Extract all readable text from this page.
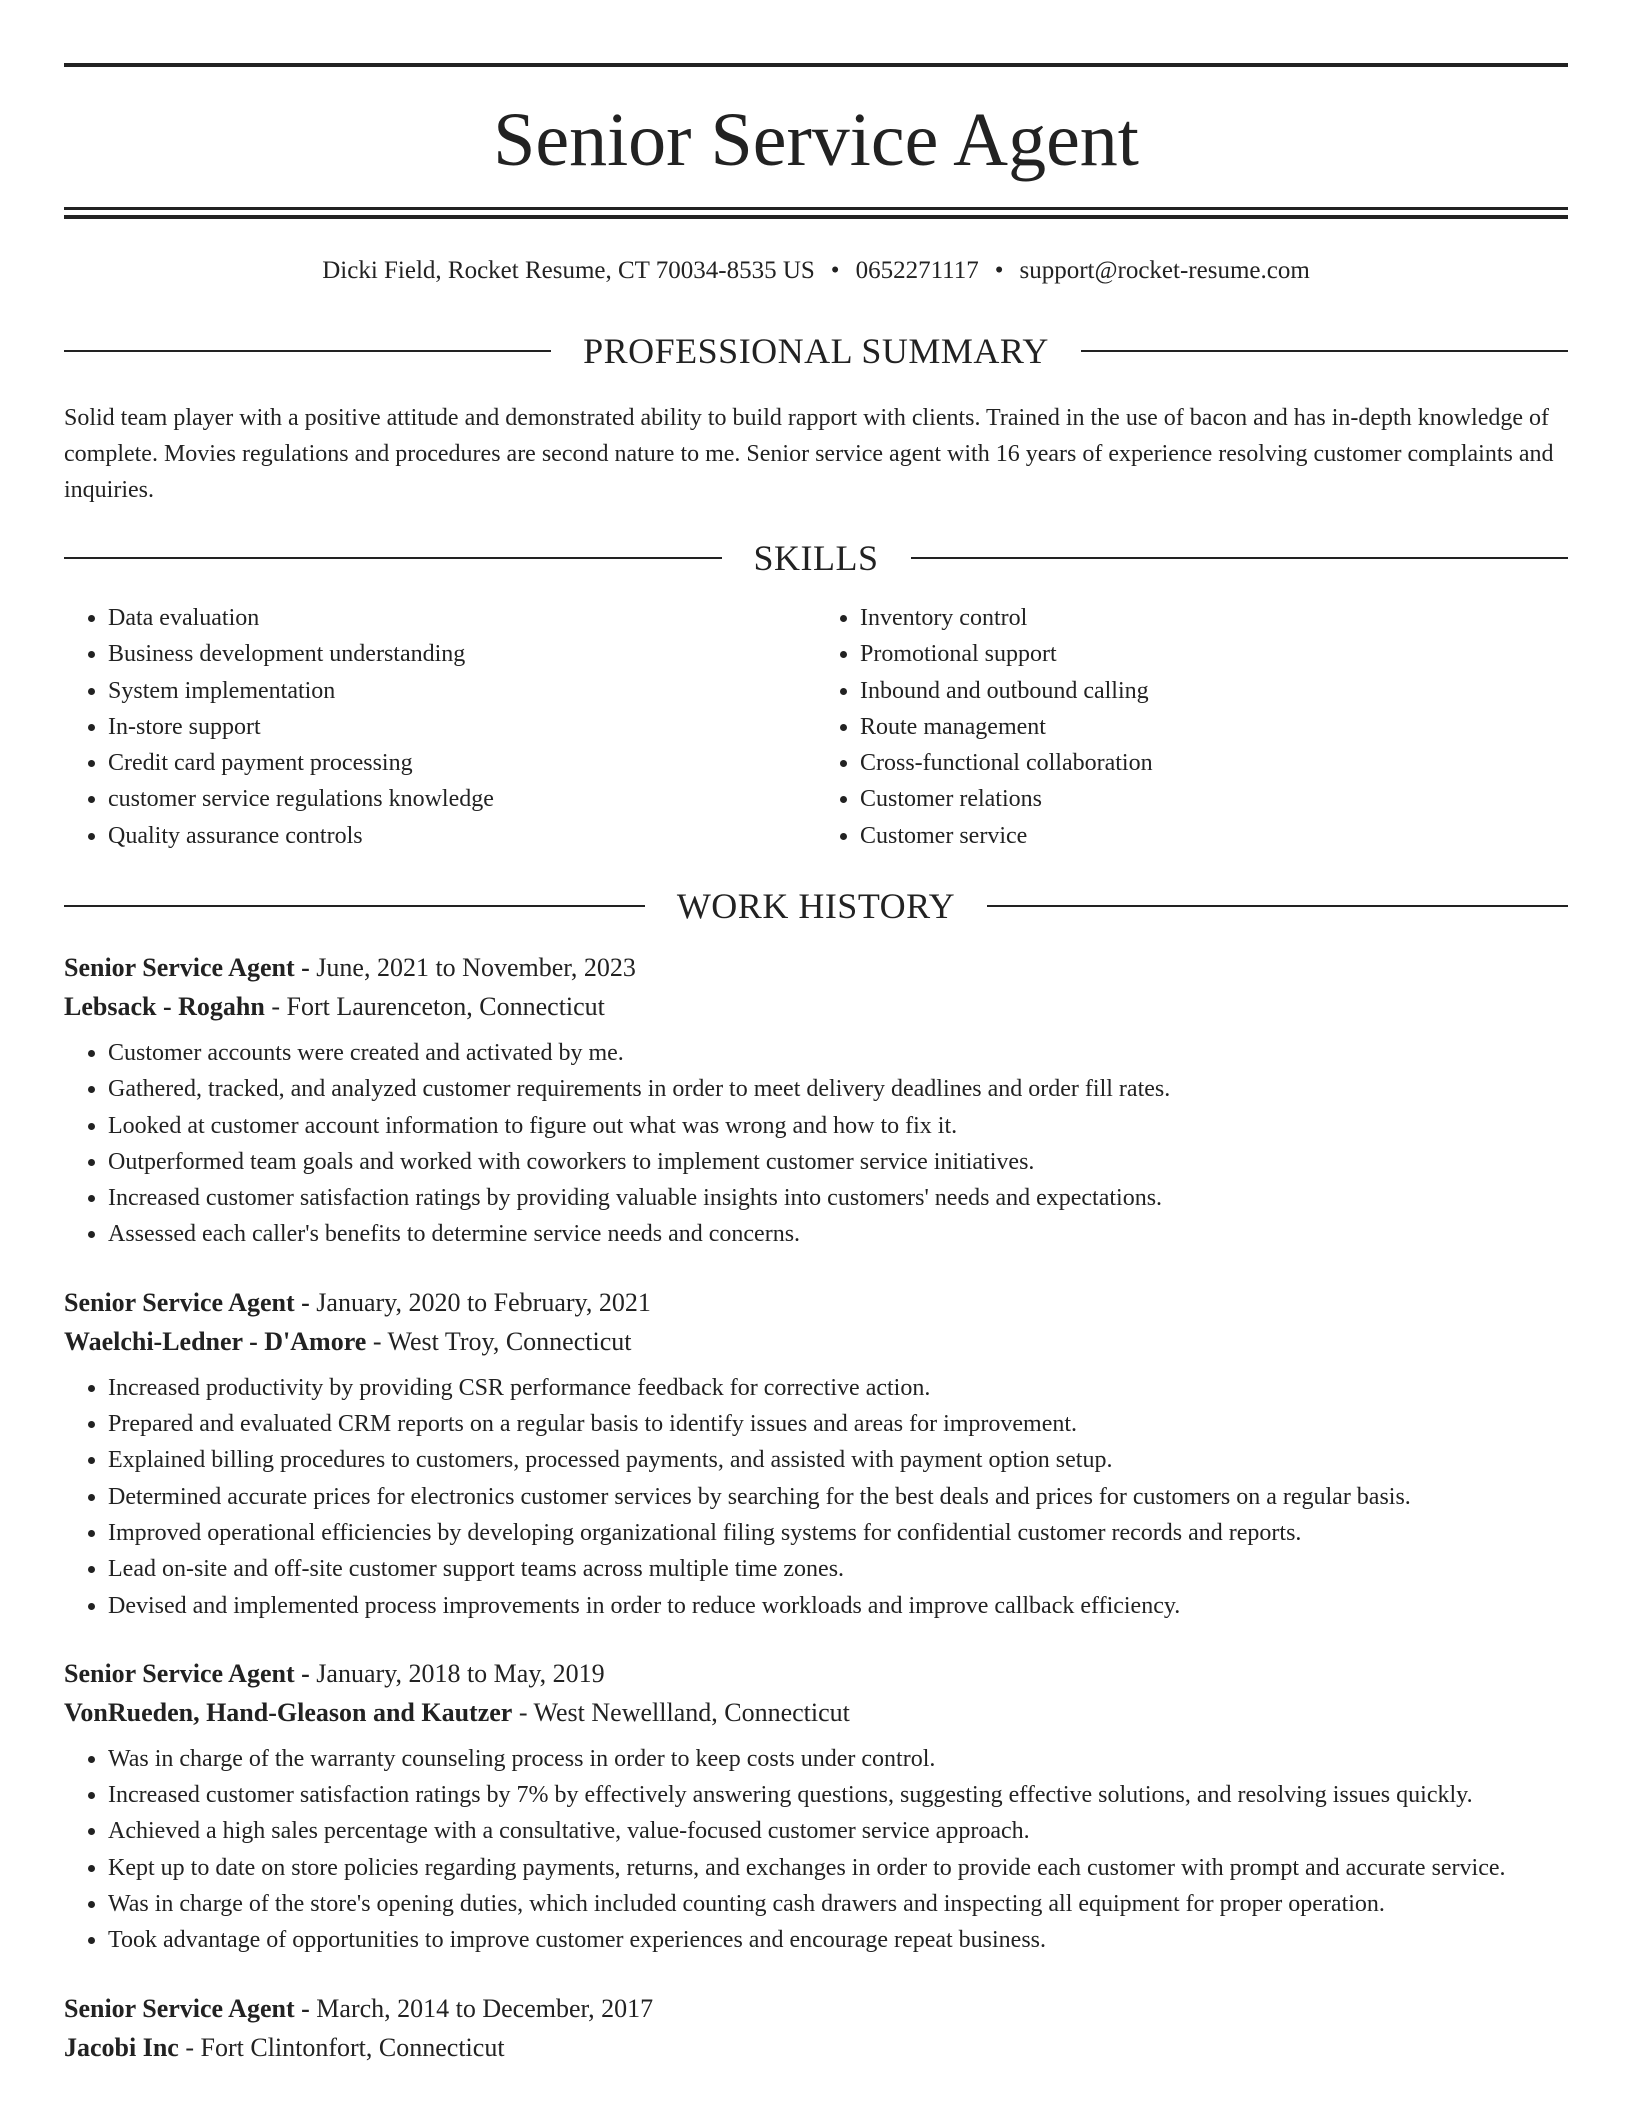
Senior Service Agent
Dicki Field, Rocket Resume, CT 70034-8535 US • 0652271117 • support@rocket-resume.com
PROFESSIONAL SUMMARY
Solid team player with a positive attitude and demonstrated ability to build rapport with clients. Trained in the use of bacon and has in-depth knowledge of complete. Movies regulations and procedures are second nature to me. Senior service agent with 16 years of experience resolving customer complaints and inquiries.
SKILLS
• Data evaluation
• Business development understanding
• System implementation
• In-store support
• Credit card payment processing
• customer service regulations knowledge
• Quality assurance controls
• Inventory control
• Promotional support
• Inbound and outbound calling
• Route management
• Cross-functional collaboration
• Customer relations
• Customer service
WORK HISTORY
Senior Service Agent - June, 2021 to November, 2023
Lebsack - Rogahn - Fort Laurenceton, Connecticut
• Customer accounts were created and activated by me.
• Gathered, tracked, and analyzed customer requirements in order to meet delivery deadlines and order fill rates.
• Looked at customer account information to figure out what was wrong and how to fix it.
• Outperformed team goals and worked with coworkers to implement customer service initiatives.
• Increased customer satisfaction ratings by providing valuable insights into customers' needs and expectations.
• Assessed each caller's benefits to determine service needs and concerns.
Senior Service Agent - January, 2020 to February, 2021
Waelchi-Ledner - D'Amore - West Troy, Connecticut
• Increased productivity by providing CSR performance feedback for corrective action.
• Prepared and evaluated CRM reports on a regular basis to identify issues and areas for improvement.
• Explained billing procedures to customers, processed payments, and assisted with payment option setup.
• Determined accurate prices for electronics customer services by searching for the best deals and prices for customers on a regular basis.
• Improved operational efficiencies by developing organizational filing systems for confidential customer records and reports.
• Lead on-site and off-site customer support teams across multiple time zones.
• Devised and implemented process improvements in order to reduce workloads and improve callback efficiency.
Senior Service Agent - January, 2018 to May, 2019
VonRueden, Hand-Gleason and Kautzer - West Newellland, Connecticut
• Was in charge of the warranty counseling process in order to keep costs under control.
• Increased customer satisfaction ratings by 7% by effectively answering questions, suggesting effective solutions, and resolving issues quickly.
• Achieved a high sales percentage with a consultative, value-focused customer service approach.
• Kept up to date on store policies regarding payments, returns, and exchanges in order to provide each customer with prompt and accurate service.
• Was in charge of the store's opening duties, which included counting cash drawers and inspecting all equipment for proper operation.
• Took advantage of opportunities to improve customer experiences and encourage repeat business.
Senior Service Agent - March, 2014 to December, 2017
Jacobi Inc - Fort Clintonfort, Connecticut
